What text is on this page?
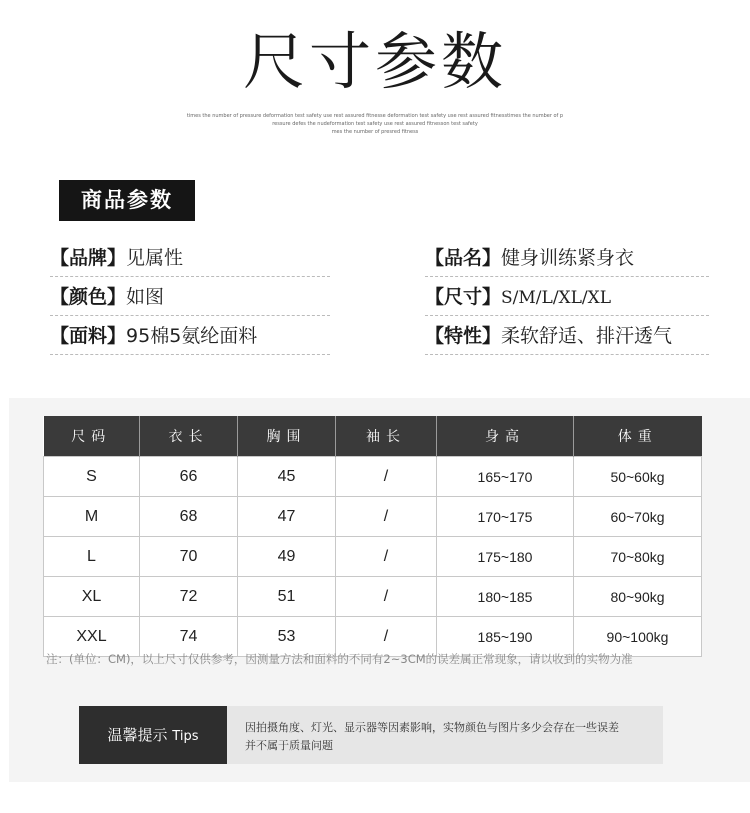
尺寸参数
times the number of pressure deformation test safety use rest assured fitnesse deformation test safety use rest assured fitnesstimes the number of p
ressure defes the nudeformation test safety use rest assured fitnesson test safety
mes the number of presred fitness
商品参数
【品牌】见属性	【品名】健身训练紧身衣
【颜色】如图	【尺寸】S/M/L/XL/XL
【面料】95棉5氨纶面料	【特性】柔软舒适、排汗透气
尺码	衣长	胸围	袖长	身高	体重
S	66	45	/	165~170	50~60kg
M	68	47	/	170~175	60~70kg
L	70	49	/	175~180	70~80kg
XL	72	51	/	180~185	80~90kg
XXL	74	53	/	185~190	90~100kg
注：(单位：CM)，以上尺寸仅供参考，因测量方法和面料的不同有2~3CM的误差属正常现象，请以收到的实物为准
温馨提示 Tips
因拍摄角度、灯光、显示器等因素影响，实物颜色与图片多少会存在一些误差
并不属于质量问题
